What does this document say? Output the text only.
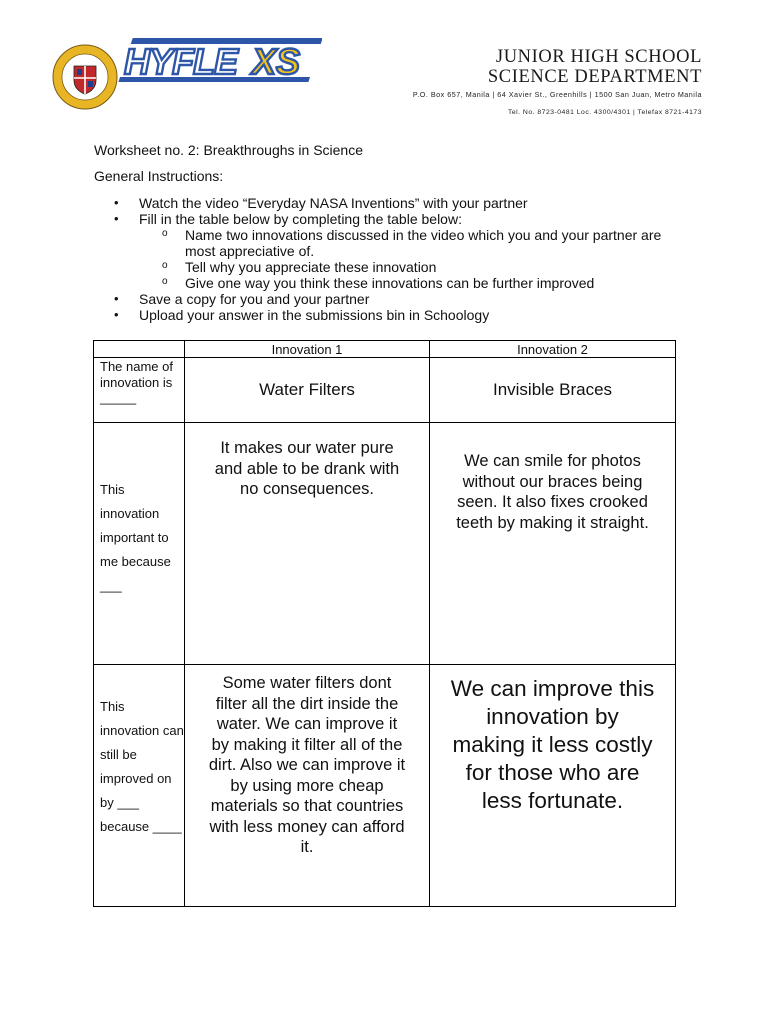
HYFLE XS	JUNIOR HIGH SCHOOL
SCIENCE DEPARTMENT
P.O. Box 657, Manila | 64 Xavier St., Greenhills | 1500 San Juan, Metro Manila
Tel. No. 8723-0481 Loc. 4300/4301 | Telefax 8721-4173
Worksheet no. 2: Breakthroughs in Science
General Instructions:
• Watch the video “Everyday NASA Inventions” with your partner
• Fill in the table below by completing the table below:
o Name two innovations discussed in the video which you and your partner are most appreciative of.
o Tell why you appreciate these innovation
o Give one way you think these innovations can be further improved
• Save a copy for you and your partner
• Upload your answer in the submissions bin in Schoology
	Innovation 1	Innovation 2
The name of innovation is _____	Water Filters	Invisible Braces
This innovation important to me because ___	It makes our water pure and able to be drank with no consequences.	We can smile for photos without our braces being seen. It also fixes crooked teeth by making it straight.
This innovation can still be improved on by ___ because ____	Some water filters dont filter all the dirt inside the water. We can improve it by making it filter all of the dirt. Also we can improve it by using more cheap materials so that countries with less money can afford it.	We can improve this innovation by making it less costly for those who are less fortunate.
